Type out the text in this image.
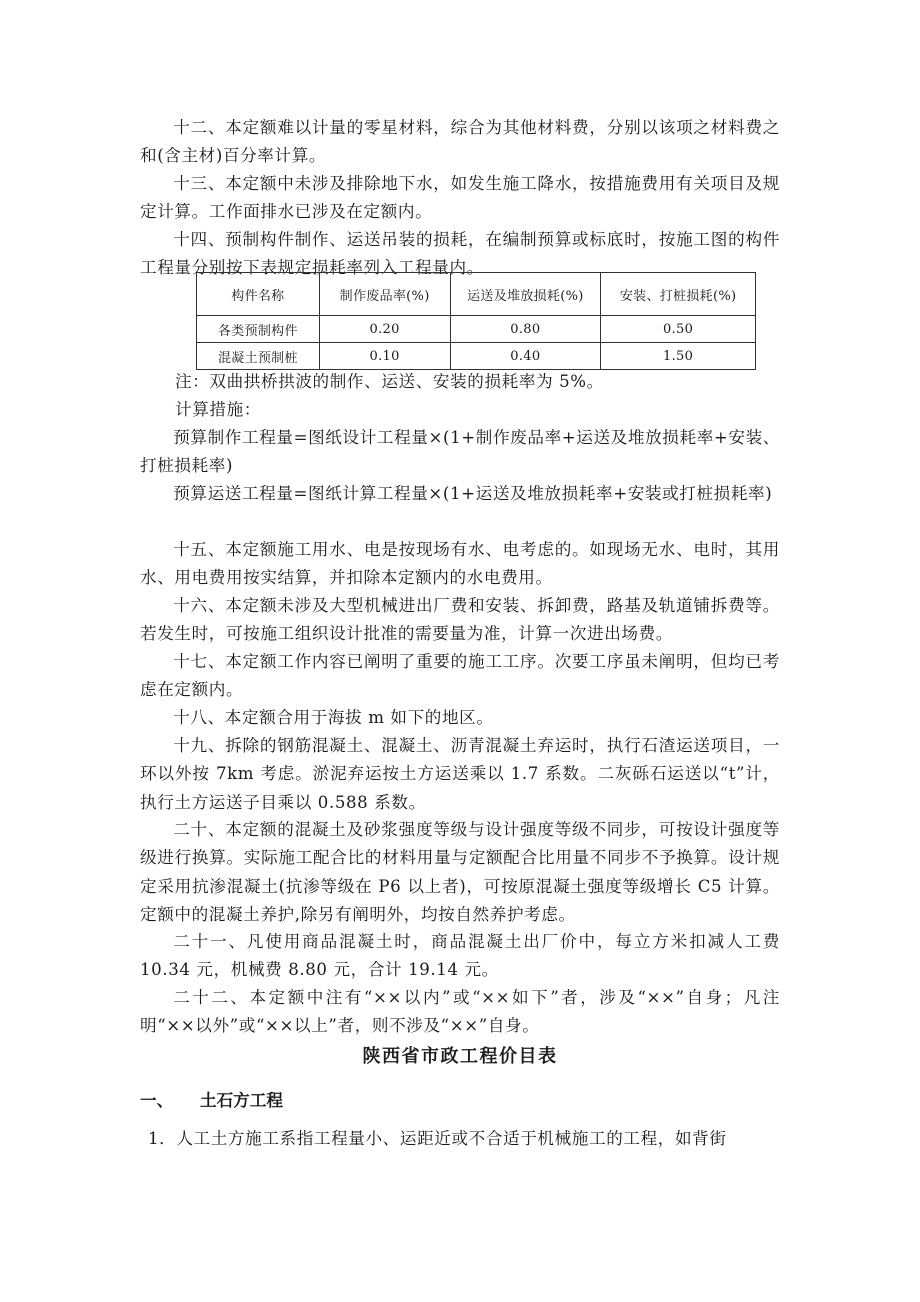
十二、本定额难以计量的零星材料，综合为其他材料费，分别以该项之材料费之和(含主材)百分率计算。

十三、本定额中未涉及排除地下水，如发生施工降水，按措施费用有关项目及规定计算。工作面排水已涉及在定额内。

十四、预制构件制作、运送吊装的损耗，在编制预算或标底时，按施工图的构件工程量分别按下表规定损耗率列入工程量内。

构件名称	制作废品率(%)	运送及堆放损耗(%)	安装、打桩损耗(%)
各类预制构件	0.20	0.80	0.50
混凝土预制桩	0.10	0.40	1.50

注：双曲拱桥拱波的制作、运送、安装的损耗率为 5%。

计算措施：

预算制作工程量=图纸设计工程量×(1+制作废品率+运送及堆放损耗率+安装、打桩损耗率)

预算运送工程量=图纸计算工程量×(1+运送及堆放损耗率+安装或打桩损耗率)

十五、本定额施工用水、电是按现场有水、电考虑的。如现场无水、电时，其用水、用电费用按实结算，并扣除本定额内的水电费用。

十六、本定额未涉及大型机械进出厂费和安装、拆卸费，路基及轨道铺拆费等。若发生时，可按施工组织设计批准的需要量为准，计算一次进出场费。

十七、本定额工作内容已阐明了重要的施工工序。次要工序虽未阐明，但均已考虑在定额内。

十八、本定额合用于海拔 m 如下的地区。

十九、拆除的钢筋混凝土、混凝土、沥青混凝土弃运时，执行石渣运送项目，一环以外按 7km 考虑。淤泥弃运按土方运送乘以 1.7 系数。二灰砾石运送以“t”计，执行土方运送子目乘以 0.588 系数。

二十、本定额的混凝土及砂浆强度等级与设计强度等级不同步，可按设计强度等级进行换算。实际施工配合比的材料用量与定额配合比用量不同步不予换算。设计规定采用抗渗混凝土(抗渗等级在 P6 以上者)，可按原混凝土强度等级增长 C5 计算。定额中的混凝土养护,除另有阐明外，均按自然养护考虑。

二十一、凡使用商品混凝土时，商品混凝土出厂价中，每立方米扣减人工费 10.34 元，机械费 8.80 元，合计 19.14 元。

二十二、本定额中注有“××以内”或“××如下”者，涉及“××”自身；凡注明“××以外”或“××以上”者，则不涉及“××”自身。

陕西省市政工程价目表

一、 土石方工程

1．人工土方施工系指工程量小、运距近或不合适于机械施工的工程，如背街
